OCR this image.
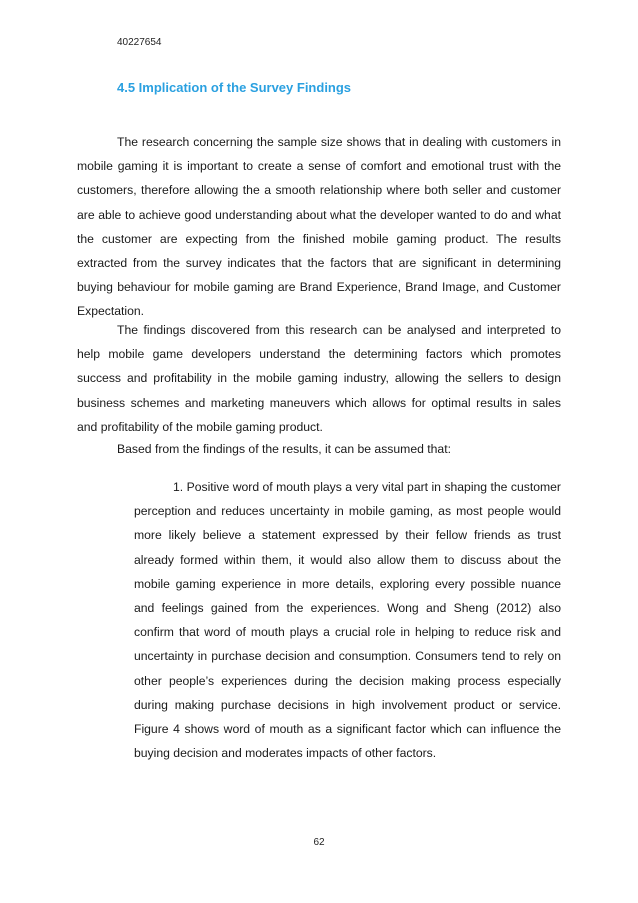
40227654
4.5 Implication of the Survey Findings

The research concerning the sample size shows that in dealing with customers in mobile gaming it is important to create a sense of comfort and emotional trust with the customers, therefore allowing the a smooth relationship where both seller and customer are able to achieve good understanding about what the developer wanted to do and what the customer are expecting from the finished mobile gaming product. The results extracted from the survey indicates that the factors that are significant in determining buying behaviour for mobile gaming are Brand Experience, Brand Image, and Customer Expectation.

The findings discovered from this research can be analysed and interpreted to help mobile game developers understand the determining factors which promotes success and profitability in the mobile gaming industry, allowing the sellers to design business schemes and marketing maneuvers which allows for optimal results in sales and profitability of the mobile gaming product.

Based from the findings of the results, it can be assumed that:

1. Positive word of mouth plays a very vital part in shaping the customer perception and reduces uncertainty in mobile gaming, as most people would more likely believe a statement expressed by their fellow friends as trust already formed within them, it would also allow them to discuss about the mobile gaming experience in more details, exploring every possible nuance and feelings gained from the experiences. Wong and Sheng (2012) also confirm that word of mouth plays a crucial role in helping to reduce risk and uncertainty in purchase decision and consumption. Consumers tend to rely on other people’s experiences during the decision making process especially during making purchase decisions in high involvement product or service. Figure 4 shows word of mouth as a significant factor which can influence the buying decision and moderates impacts of other factors.

62
